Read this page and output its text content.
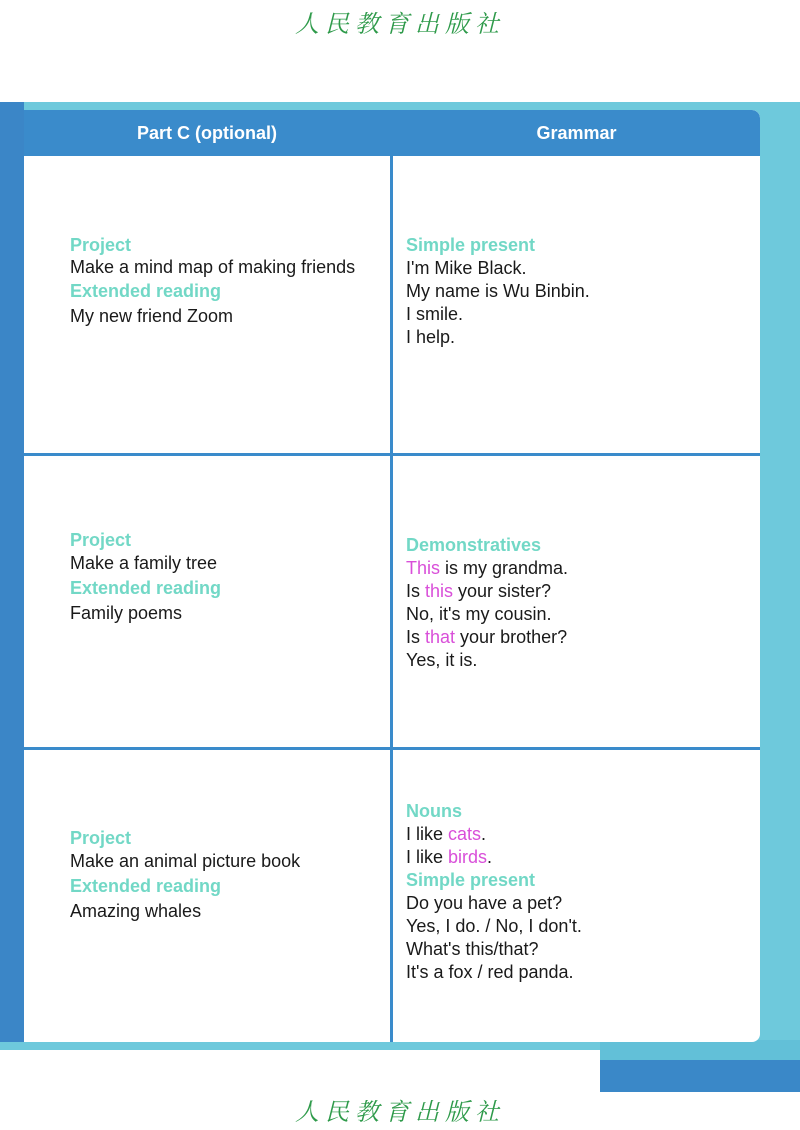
人民教育出版社
Part C (optional)	Grammar
Project
Make a mind map of making friends
Extended reading
My new friend Zoom
Simple present
I'm Mike Black.
My name is Wu Binbin.
I smile.
I help.
Project
Make a family tree
Extended reading
Family poems
Demonstratives
This is my grandma.
Is this your sister?
No, it's my cousin.
Is that your brother?
Yes, it is.
Project
Make an animal picture book
Extended reading
Amazing whales
Nouns
I like cats.
I like birds.
Simple present
Do you have a pet?
Yes, I do. / No, I don't.
What's this/that?
It's a fox / red panda.
人民教育出版社
